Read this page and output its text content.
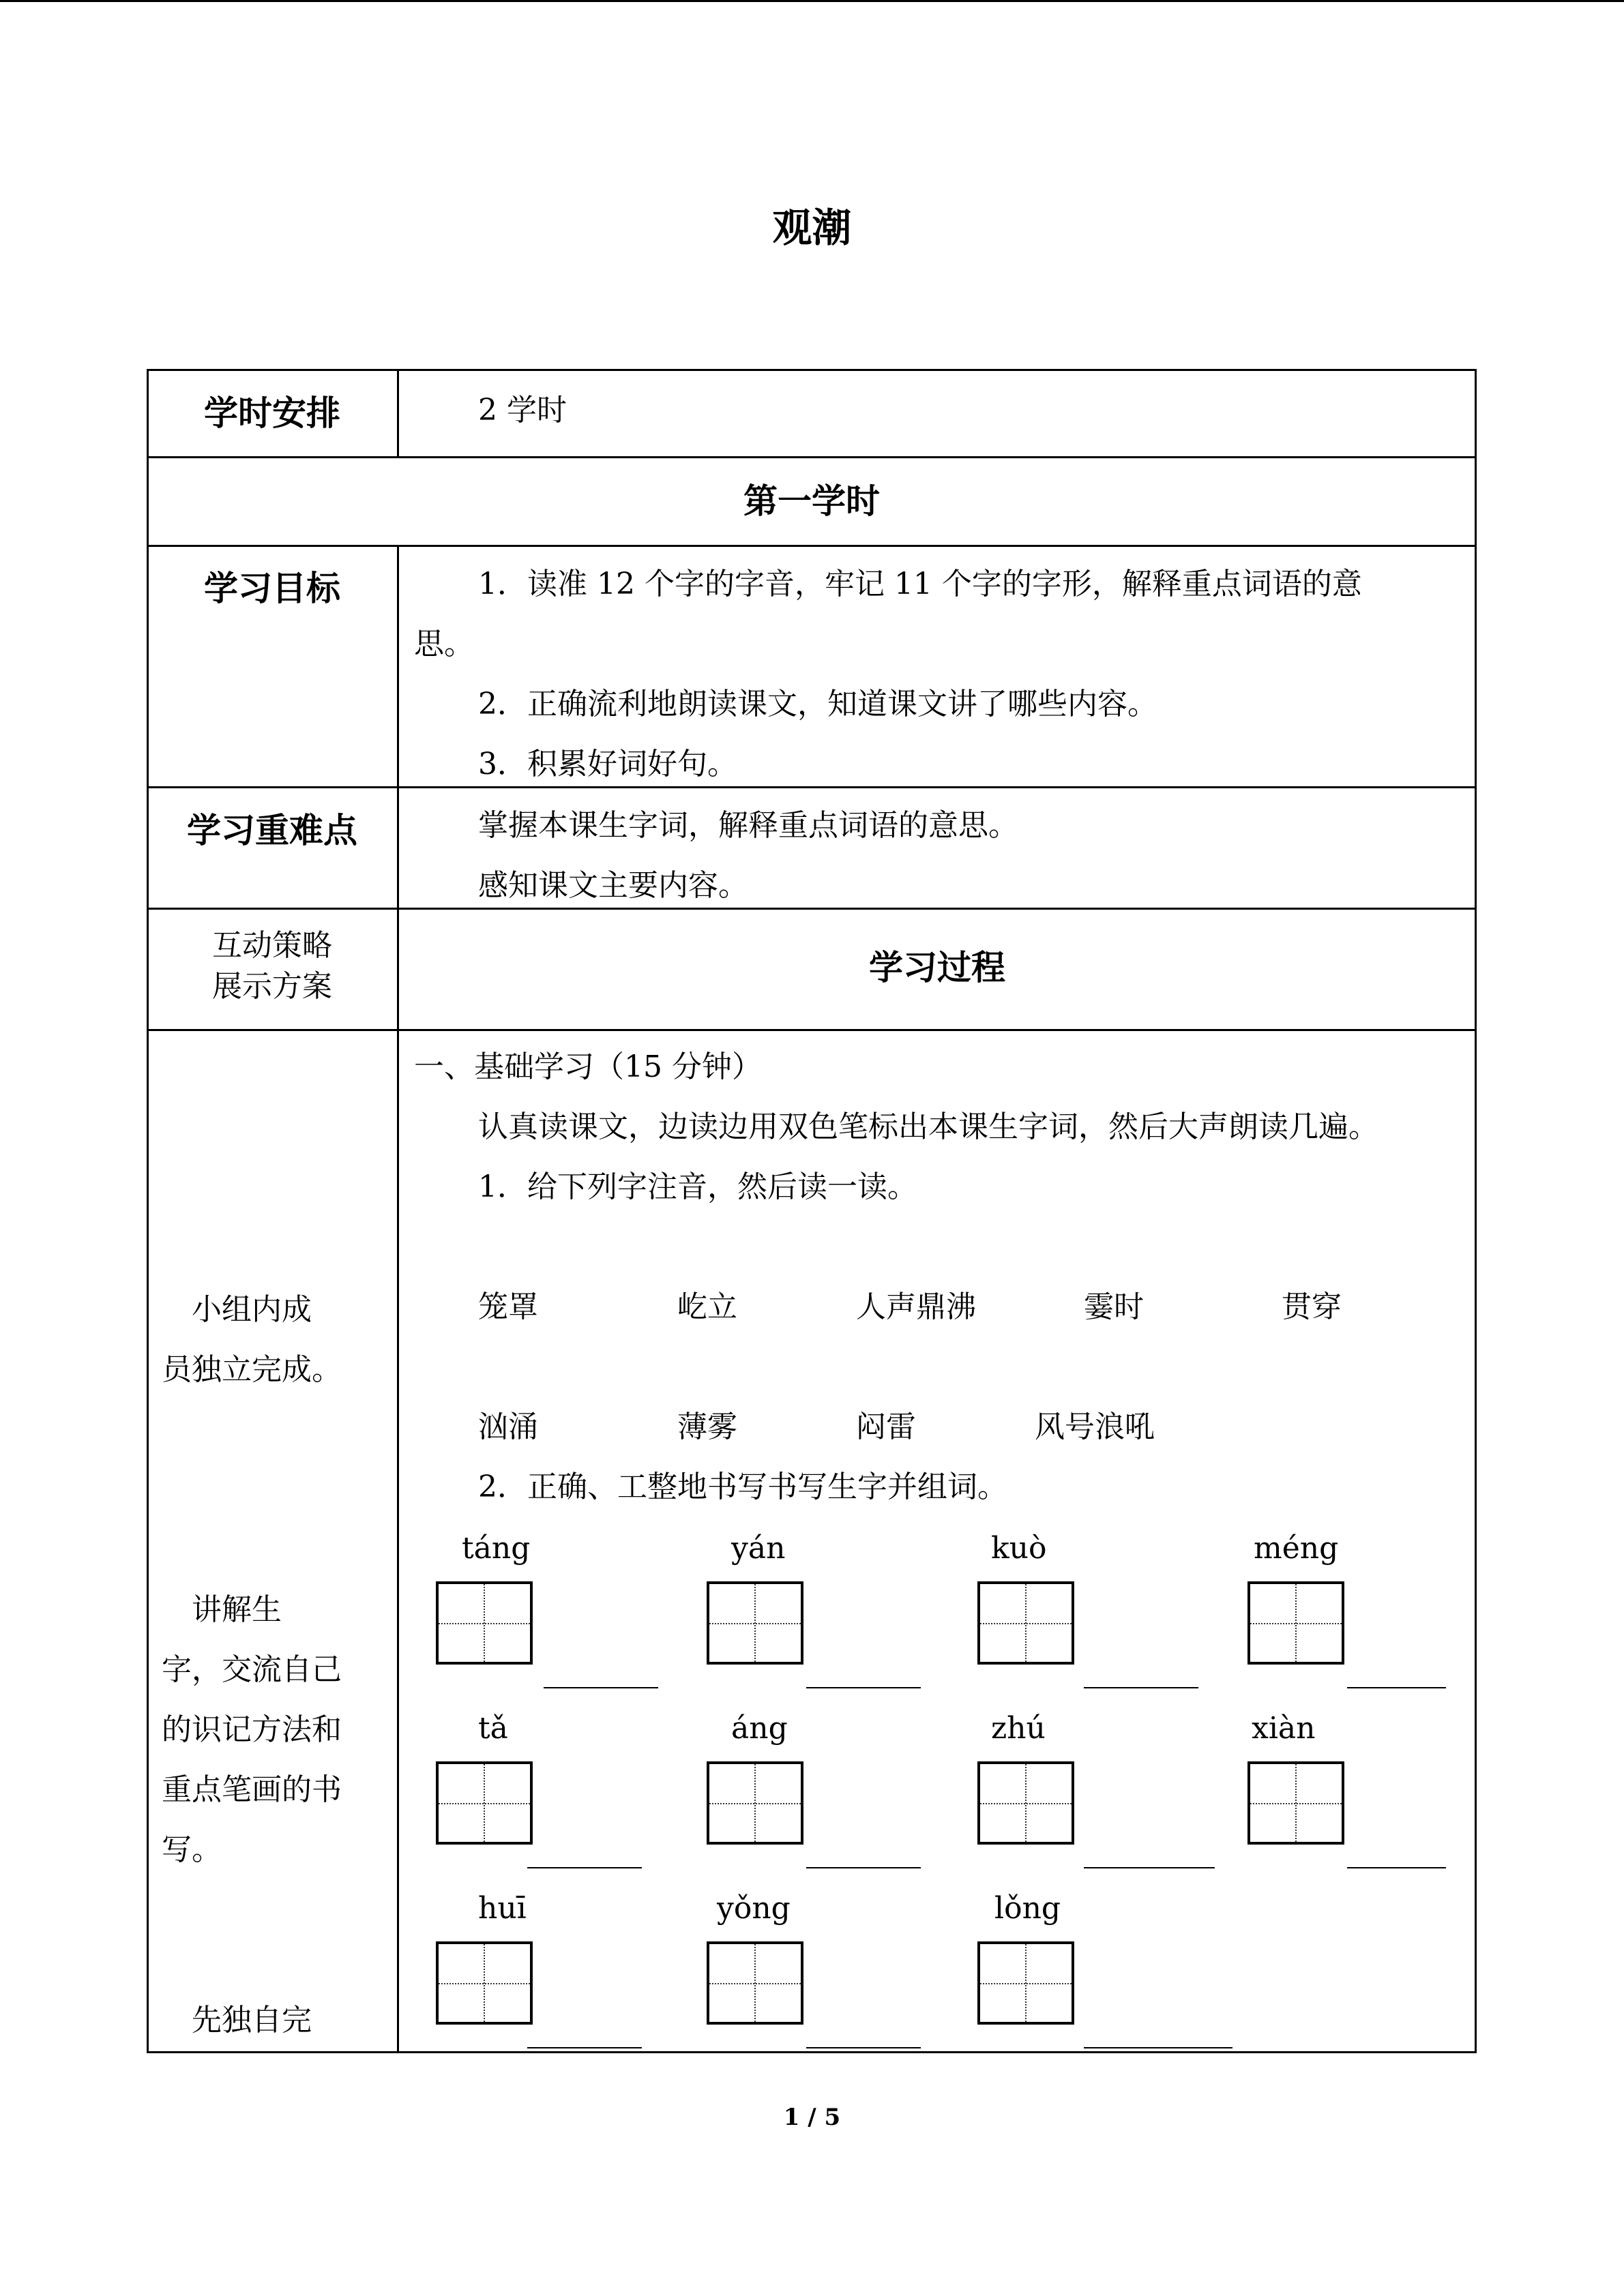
观潮
学时安排	2 学时
第一学时
学习目标	1．读准 12 个字的字音，牢记 11 个字的字形，解释重点词语的意
思。
2．正确流利地朗读课文，知道课文讲了哪些内容。
3．积累好词好句。
学习重难点	掌握本课生字词，解释重点词语的意思。
感知课文主要内容。
互动策略
展示方案	学习过程

　小组内成

员独立完成。

　讲解生

字，交流自己

的识记方法和

重点笔画的书

写。

　先独自完

一、基础学习（15 分钟）
认真读课文，边读边用双色笔标出本课生字词，然后大声朗读几遍。
1．给下列字注音，然后读一读。
笼罩	屹立	人声鼎沸	霎时	贯穿
汹涌	薄雾	闷雷	风号浪吼
2．正确、工整地书写书写生字并组词。
táng	yán	kuò	méng
tǎ	áng	zhú	xiàn
huī	yǒng	lǒng
1 / 5
